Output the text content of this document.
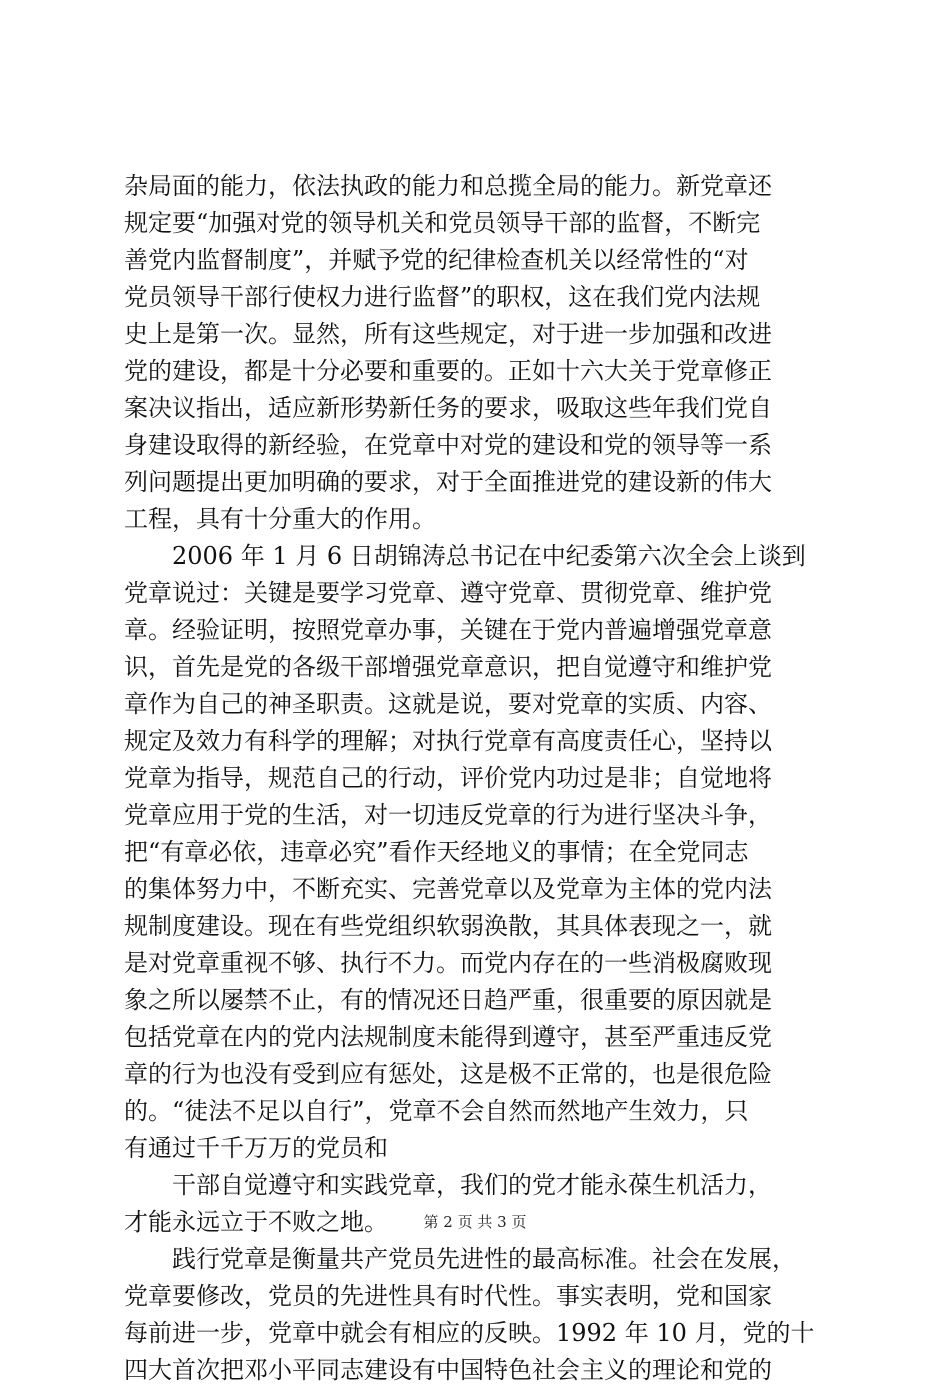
杂局面的能力，依法执政的能力和总揽全局的能力。新党章还
规定要“加强对党的领导机关和党员领导干部的监督，不断完
善党内监督制度”，并赋予党的纪律检查机关以经常性的“对
党员领导干部行使权力进行监督”的职权，这在我们党内法规
史上是第一次。显然，所有这些规定，对于进一步加强和改进
党的建设，都是十分必要和重要的。正如十六大关于党章修正
案决议指出，适应新形势新任务的要求，吸取这些年我们党自
身建设取得的新经验，在党章中对党的建设和党的领导等一系
列问题提出更加明确的要求，对于全面推进党的建设新的伟大
工程，具有十分重大的作用。
　　2006 年 1 月 6 日胡锦涛总书记在中纪委第六次全会上谈到
党章说过：关键是要学习党章、遵守党章、贯彻党章、维护党
章。经验证明，按照党章办事，关键在于党内普遍增强党章意
识，首先是党的各级干部增强党章意识，把自觉遵守和维护党
章作为自己的神圣职责。这就是说，要对党章的实质、内容、
规定及效力有科学的理解；对执行党章有高度责任心，坚持以
党章为指导，规范自己的行动，评价党内功过是非；自觉地将
党章应用于党的生活，对一切违反党章的行为进行坚决斗争，
把“有章必依，违章必究”看作天经地义的事情；在全党同志
的集体努力中，不断充实、完善党章以及党章为主体的党内法
规制度建设。现在有些党组织软弱涣散，其具体表现之一，就
是对党章重视不够、执行不力。而党内存在的一些消极腐败现
象之所以屡禁不止，有的情况还日趋严重，很重要的原因就是
包括党章在内的党内法规制度未能得到遵守，甚至严重违反党
章的行为也没有受到应有惩处，这是极不正常的，也是很危险
的。“徒法不足以自行”，党章不会自然而然地产生效力，只
有通过千千万万的党员和
　　干部自觉遵守和实践党章，我们的党才能永葆生机活力，
才能永远立于不败之地。
　　践行党章是衡量共产党员先进性的最高标准。社会在发展，
党章要修改，党员的先进性具有时代性。事实表明，党和国家
每前进一步，党章中就会有相应的反映。1992 年 10 月，党的十
四大首次把邓小平同志建设有中国特色社会主义的理论和党的
第 2 页 共 3 页
